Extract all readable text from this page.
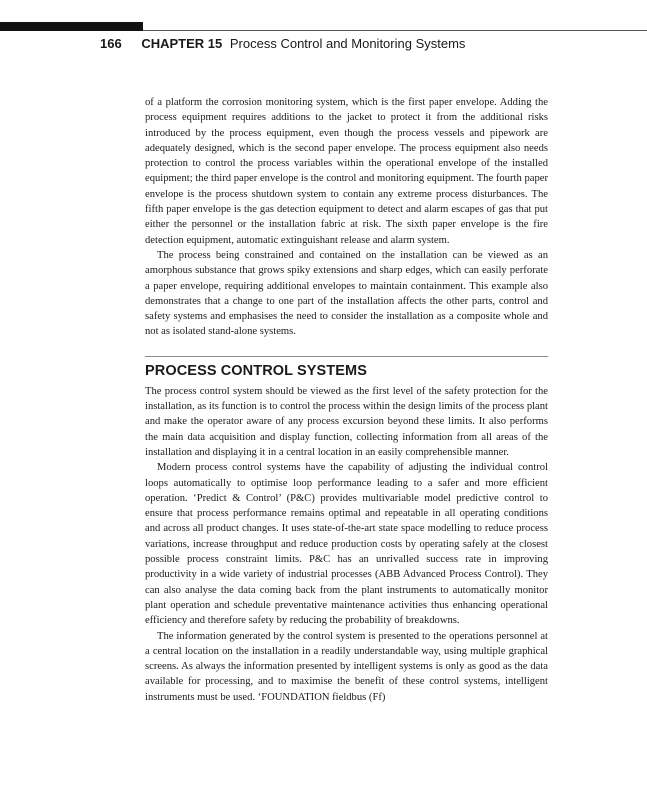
166 CHAPTER 15 Process Control and Monitoring Systems

of a platform the corrosion monitoring system, which is the first paper envelope. Adding the process equipment requires additions to the jacket to protect it from the additional risks introduced by the process equipment, even though the process vessels and pipework are adequately designed, which is the second paper envelope. The process equipment also needs protection to control the process variables within the operational envelope of the installed equipment; the third paper envelope is the control and monitoring equipment. The fourth paper envelope is the process shutdown system to contain any extreme process disturbances. The fifth paper envelope is the gas detection equipment to detect and alarm escapes of gas that put either the personnel or the installation fabric at risk. The sixth paper envelope is the fire detection equipment, automatic extinguishant release and alarm system.

The process being constrained and contained on the installation can be viewed as an amorphous substance that grows spiky extensions and sharp edges, which can easily perforate a paper envelope, requiring additional envelopes to maintain containment. This example also demonstrates that a change to one part of the installation affects the other parts, control and safety systems and emphasises the need to consider the installation as a composite whole and not as isolated stand-alone systems.

PROCESS CONTROL SYSTEMS

The process control system should be viewed as the first level of the safety protection for the installation, as its function is to control the process within the design limits of the process plant and make the operator aware of any process excursion beyond these limits. It also performs the main data acquisition and display function, collecting information from all areas of the installation and displaying it in a central location in an easily comprehensible manner.

Modern process control systems have the capability of adjusting the individual control loops automatically to optimise loop performance leading to a safer and more efficient operation. ‘Predict & Control’ (P&C) provides multivariable model predictive control to ensure that process performance remains optimal and repeatable in all operating conditions and across all product changes. It uses state-of-the-art state space modelling to reduce process variations, increase throughput and reduce production costs by operating safely at the closest possible process constraint limits. P&C has an unrivalled success rate in improving productivity in a wide variety of industrial processes (ABB Advanced Process Control). They can also analyse the data coming back from the plant instruments to automatically monitor plant operation and schedule preventative maintenance activities thus enhancing operational efficiency and therefore safety by reducing the probability of breakdowns.

The information generated by the control system is presented to the operations personnel at a central location on the installation in a readily understandable way, using multiple graphical screens. As always the information presented by intelligent systems is only as good as the data available for processing, and to maximise the benefit of these control systems, intelligent instruments must be used. ‘FOUNDATION fieldbus (Ff)
